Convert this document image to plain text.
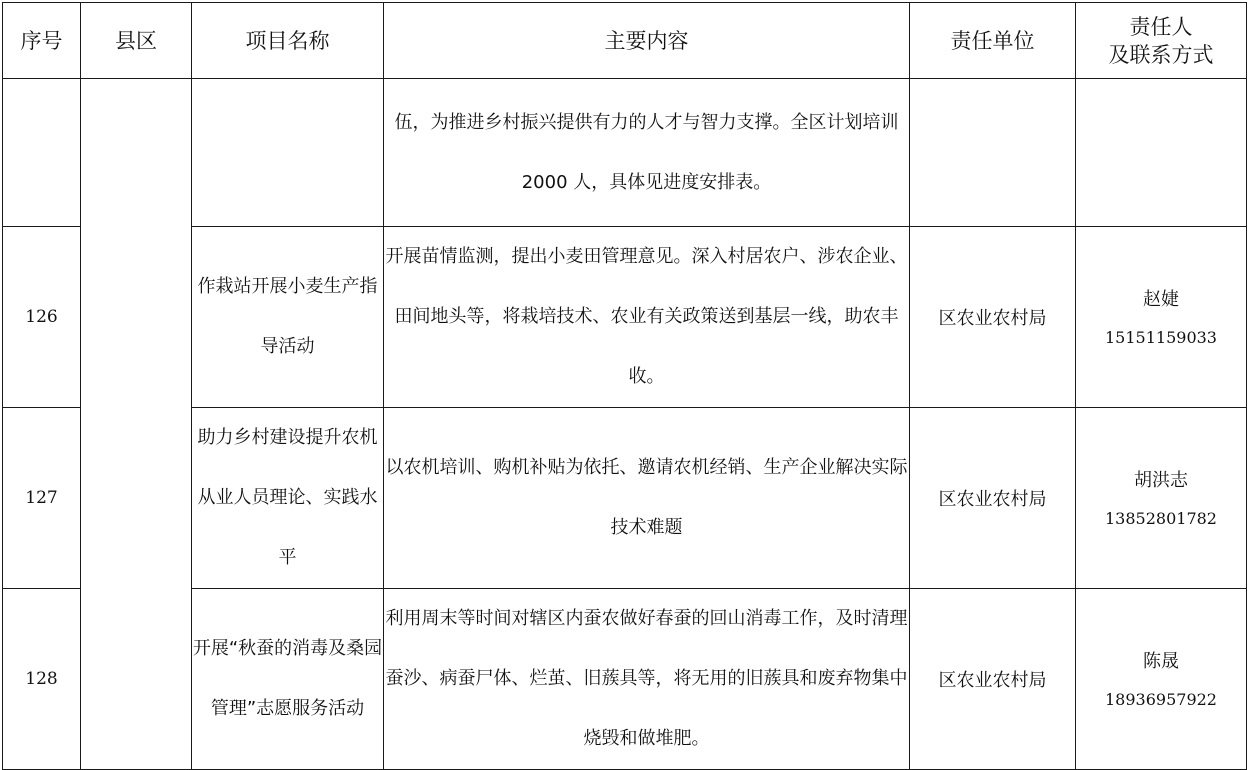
序号	县区	项目名称	主要内容	责任单位	责任人
及联系方式

			伍，为推进乡村振兴提供有力的人才与智力支撑。全区计划培训 2000 人，具体见进度安排表。		

126		作栽站开展小麦生产指导活动	开展苗情监测，提出小麦田管理意见。深入村居农户、涉农企业、田间地头等，将栽培技术、农业有关政策送到基层一线，助农丰收。	区农业农村局	赵婕
15151159033

127		助力乡村建设提升农机从业人员理论、实践水平	以农机培训、购机补贴为依托、邀请农机经销、生产企业解决实际技术难题	区农业农村局	胡洪志
13852801782

128		开展“秋蚕的消毒及桑园管理”志愿服务活动	利用周末等时间对辖区内蚕农做好春蚕的回山消毒工作，及时清理蚕沙、病蚕尸体、烂茧、旧蔟具等，将无用的旧蔟具和废弃物集中烧毁和做堆肥。	区农业农村局	陈晟
18936957922
